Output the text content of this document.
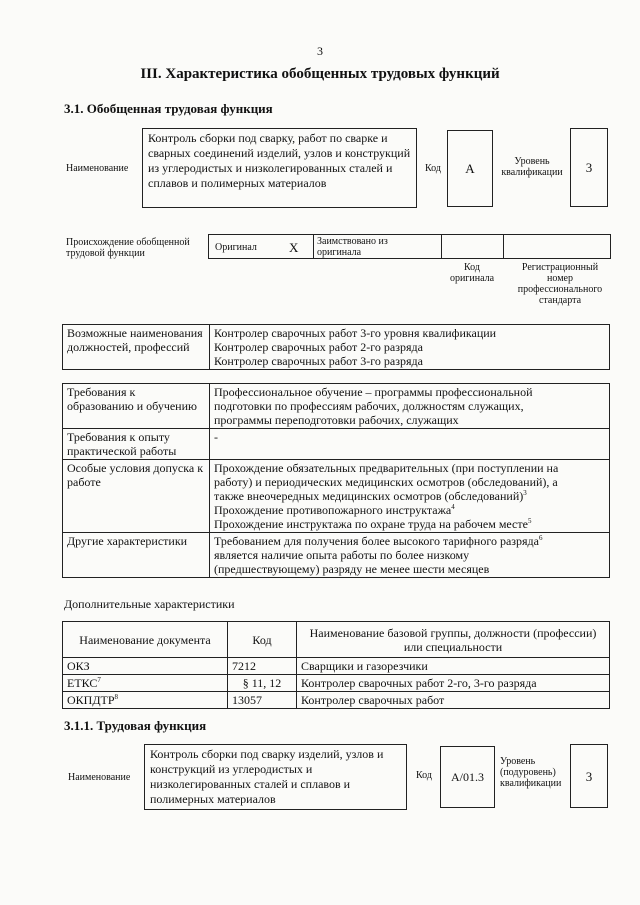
3
III. Характеристика обобщенных трудовых функций
3.1. Обобщенная трудовая функция
Наименование
Контроль сборки под сварку, работ по сварке и сварных соединений изделий, узлов и конструкций из углеродистых и низколегированных сталей и сплавов и полимерных материалов
Код	А	Уровень квалификации	3
Происхождение обобщенной трудовой функции
Оригинал X Заимствовано из оригинала
Код оригинала
Регистрационный номер профессионального стандарта
Возможные наименования должностей, профессий	
Контролер сварочных работ 3-го уровня квалификации
Контролер сварочных работ 2-го разряда
Контролер сварочных работ 3-го разряда
Требования к образованию и обучению	Профессиональное обучение – программы профессиональной
подготовки по профессиям рабочих, должностям служащих,
программы переподготовки рабочих, служащих

Требования к опыту практической работы	-
Особые условия допуска к работе	Прохождение обязательных предварительных (при поступлении на
работу) и периодических медицинских осмотров (обследований), а
также внеочередных медицинских осмотров (обследований)$^3$
Прохождение противопожарного инструктажа$^4$
Прохождение инструктажа по охране труда на рабочем месте$^5$

Другие характеристики	Требованием для получения более высокого тарифного разряда$^6$
является наличие опыта работы по более низкому
(предшествующему) разряду не менее шести месяцев
Дополнительные характеристики
Наименование документа	Код	Наименование базовой группы, должности (профессии) или специальности
ОКЗ	7212	Сварщики и газорезчики
ЕТКС$^7$	§ 11, 12	Контролер сварочных работ 2-го, 3-го разряда
ОКПДТР$^8$	13057	Контролер сварочных работ
3.1.1. Трудовая функция
Наименование
Контроль сборки под сварку изделий, узлов и конструкций из углеродистых и низколегированных сталей и сплавов и полимерных материалов
Код	А/01.3
Уровень (подуровень) квалификации	3
